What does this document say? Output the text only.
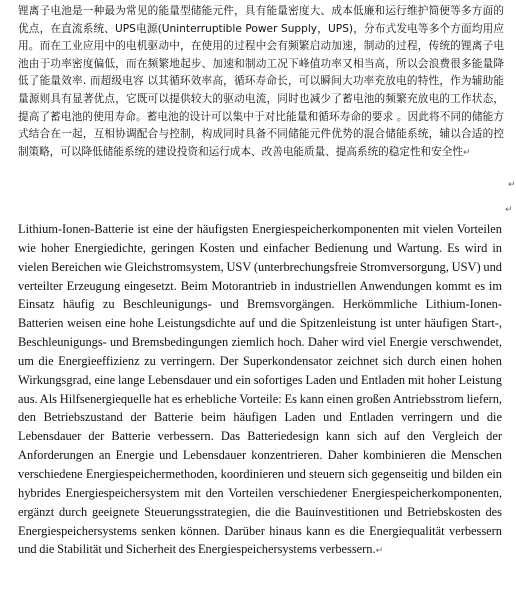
锂离子电池是一种最为常见的能量型储能元件，具有能量密度大、成本低廉和运行维护简便等多方面的优点，在直流系统、UPS电源(Uninterruptible Power Supply，UPS)，分布式发电等多个方面均用应用。而在工业应用中的电机驱动中，在使用的过程中会有频繁启动加速，制动的过程，传统的锂离子电池由于功率密度偏低，而在频繁地起步、加速和制动工况下峰值功率又相当高，所以会浪费很多能量降低了能量效率. 而超级电容 以其循环效率高，循环寿命长，可以瞬间大功率充放电的特性，作为辅助能量源则具有显著优点，它既可以提供较大的驱动电流，同时也减少了蓄电池的频繁充放电的工作状态，提高了蓄电池的使用寿命。蓄电池的设计可以集中于对比能量和循环寿命的要求 。因此将不同的储能方式结合在一起，互相协调配合与控制，构成同时具备不同储能元件优势的混合储能系统，辅以合适的控制策略，可以降低储能系统的建设投资和运行成本、改善电能质量、提高系统的稳定性和安全性↵
↵
↵

Lithium-Ionen-Batterie ist eine der häufigsten Energiespeicherkomponenten mit vielen Vorteilen wie hoher Energiedichte, geringen Kosten und einfacher Bedienung und Wartung. Es wird in vielen Bereichen wie Gleichstromsystem, USV (unterbrechungsfreie Stromversorgung, USV) und verteilter Erzeugung eingesetzt. Beim Motorantrieb in industriellen Anwendungen kommt es im Einsatz häufig zu Beschleunigungs- und Bremsvorgängen. Herkömmliche Lithium-Ionen-Batterien weisen eine hohe Leistungsdichte auf und die Spitzenleistung ist unter häufigen Start-, Beschleunigungs- und Bremsbedingungen ziemlich hoch. Daher wird viel Energie verschwendet, um die Energieeffizienz zu verringern. Der Superkondensator zeichnet sich durch einen hohen Wirkungsgrad, eine lange Lebensdauer und ein sofortiges Laden und Entladen mit hoher Leistung aus. Als Hilfsenergiequelle hat es erhebliche Vorteile: Es kann einen großen Antriebsstrom liefern, den Betriebszustand der Batterie beim häufigen Laden und Entladen verringern und die Lebensdauer der Batterie verbessern. Das Batteriedesign kann sich auf den Vergleich der Anforderungen an Energie und Lebensdauer konzentrieren. Daher kombinieren die Menschen verschiedene Energiespeichermethoden, koordinieren und steuern sich gegenseitig und bilden ein hybrides Energiespeichersystem mit den Vorteilen verschiedener Energiespeicherkomponenten, ergänzt durch geeignete Steuerungsstrategien, die die Bauinvestitionen und Betriebskosten des Energiespeichersystems senken können. Darüber hinaus kann es die Energiequalität verbessern und die Stabilität und Sicherheit des Energiespeichersystems verbessern.↵
